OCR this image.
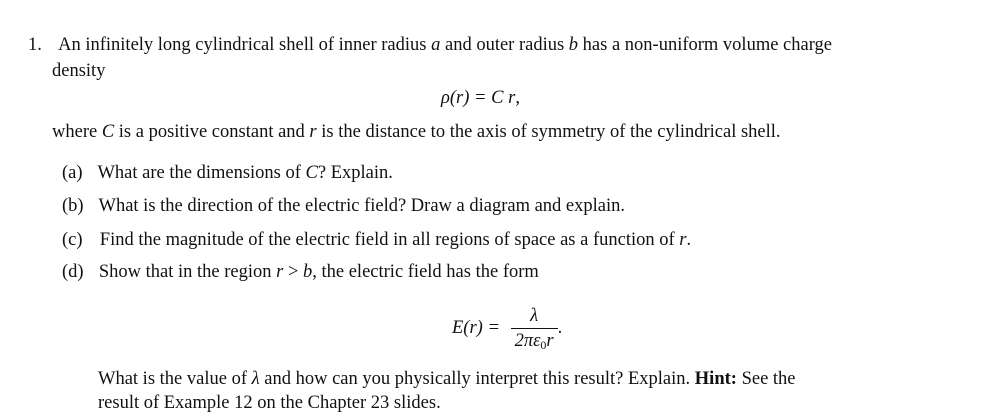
1. An infinitely long cylindrical shell of inner radius a and outer radius b has a non-uniform volume charge
density
ρ(r) = C r,
where C is a positive constant and r is the distance to the axis of symmetry of the cylindrical shell.
(a) What are the dimensions of C? Explain.
(b) What is the direction of the electric field? Draw a diagram and explain.
(c) Find the magnitude of the electric field in all regions of space as a function of r.
(d) Show that in the region r > b, the electric field has the form
$E(r) = \frac{\lambda}{2\pi\varepsilon_0r}$ .
What is the value of λ and how can you physically interpret this result? Explain. Hint: See the
result of Example 12 on the Chapter 23 slides.
